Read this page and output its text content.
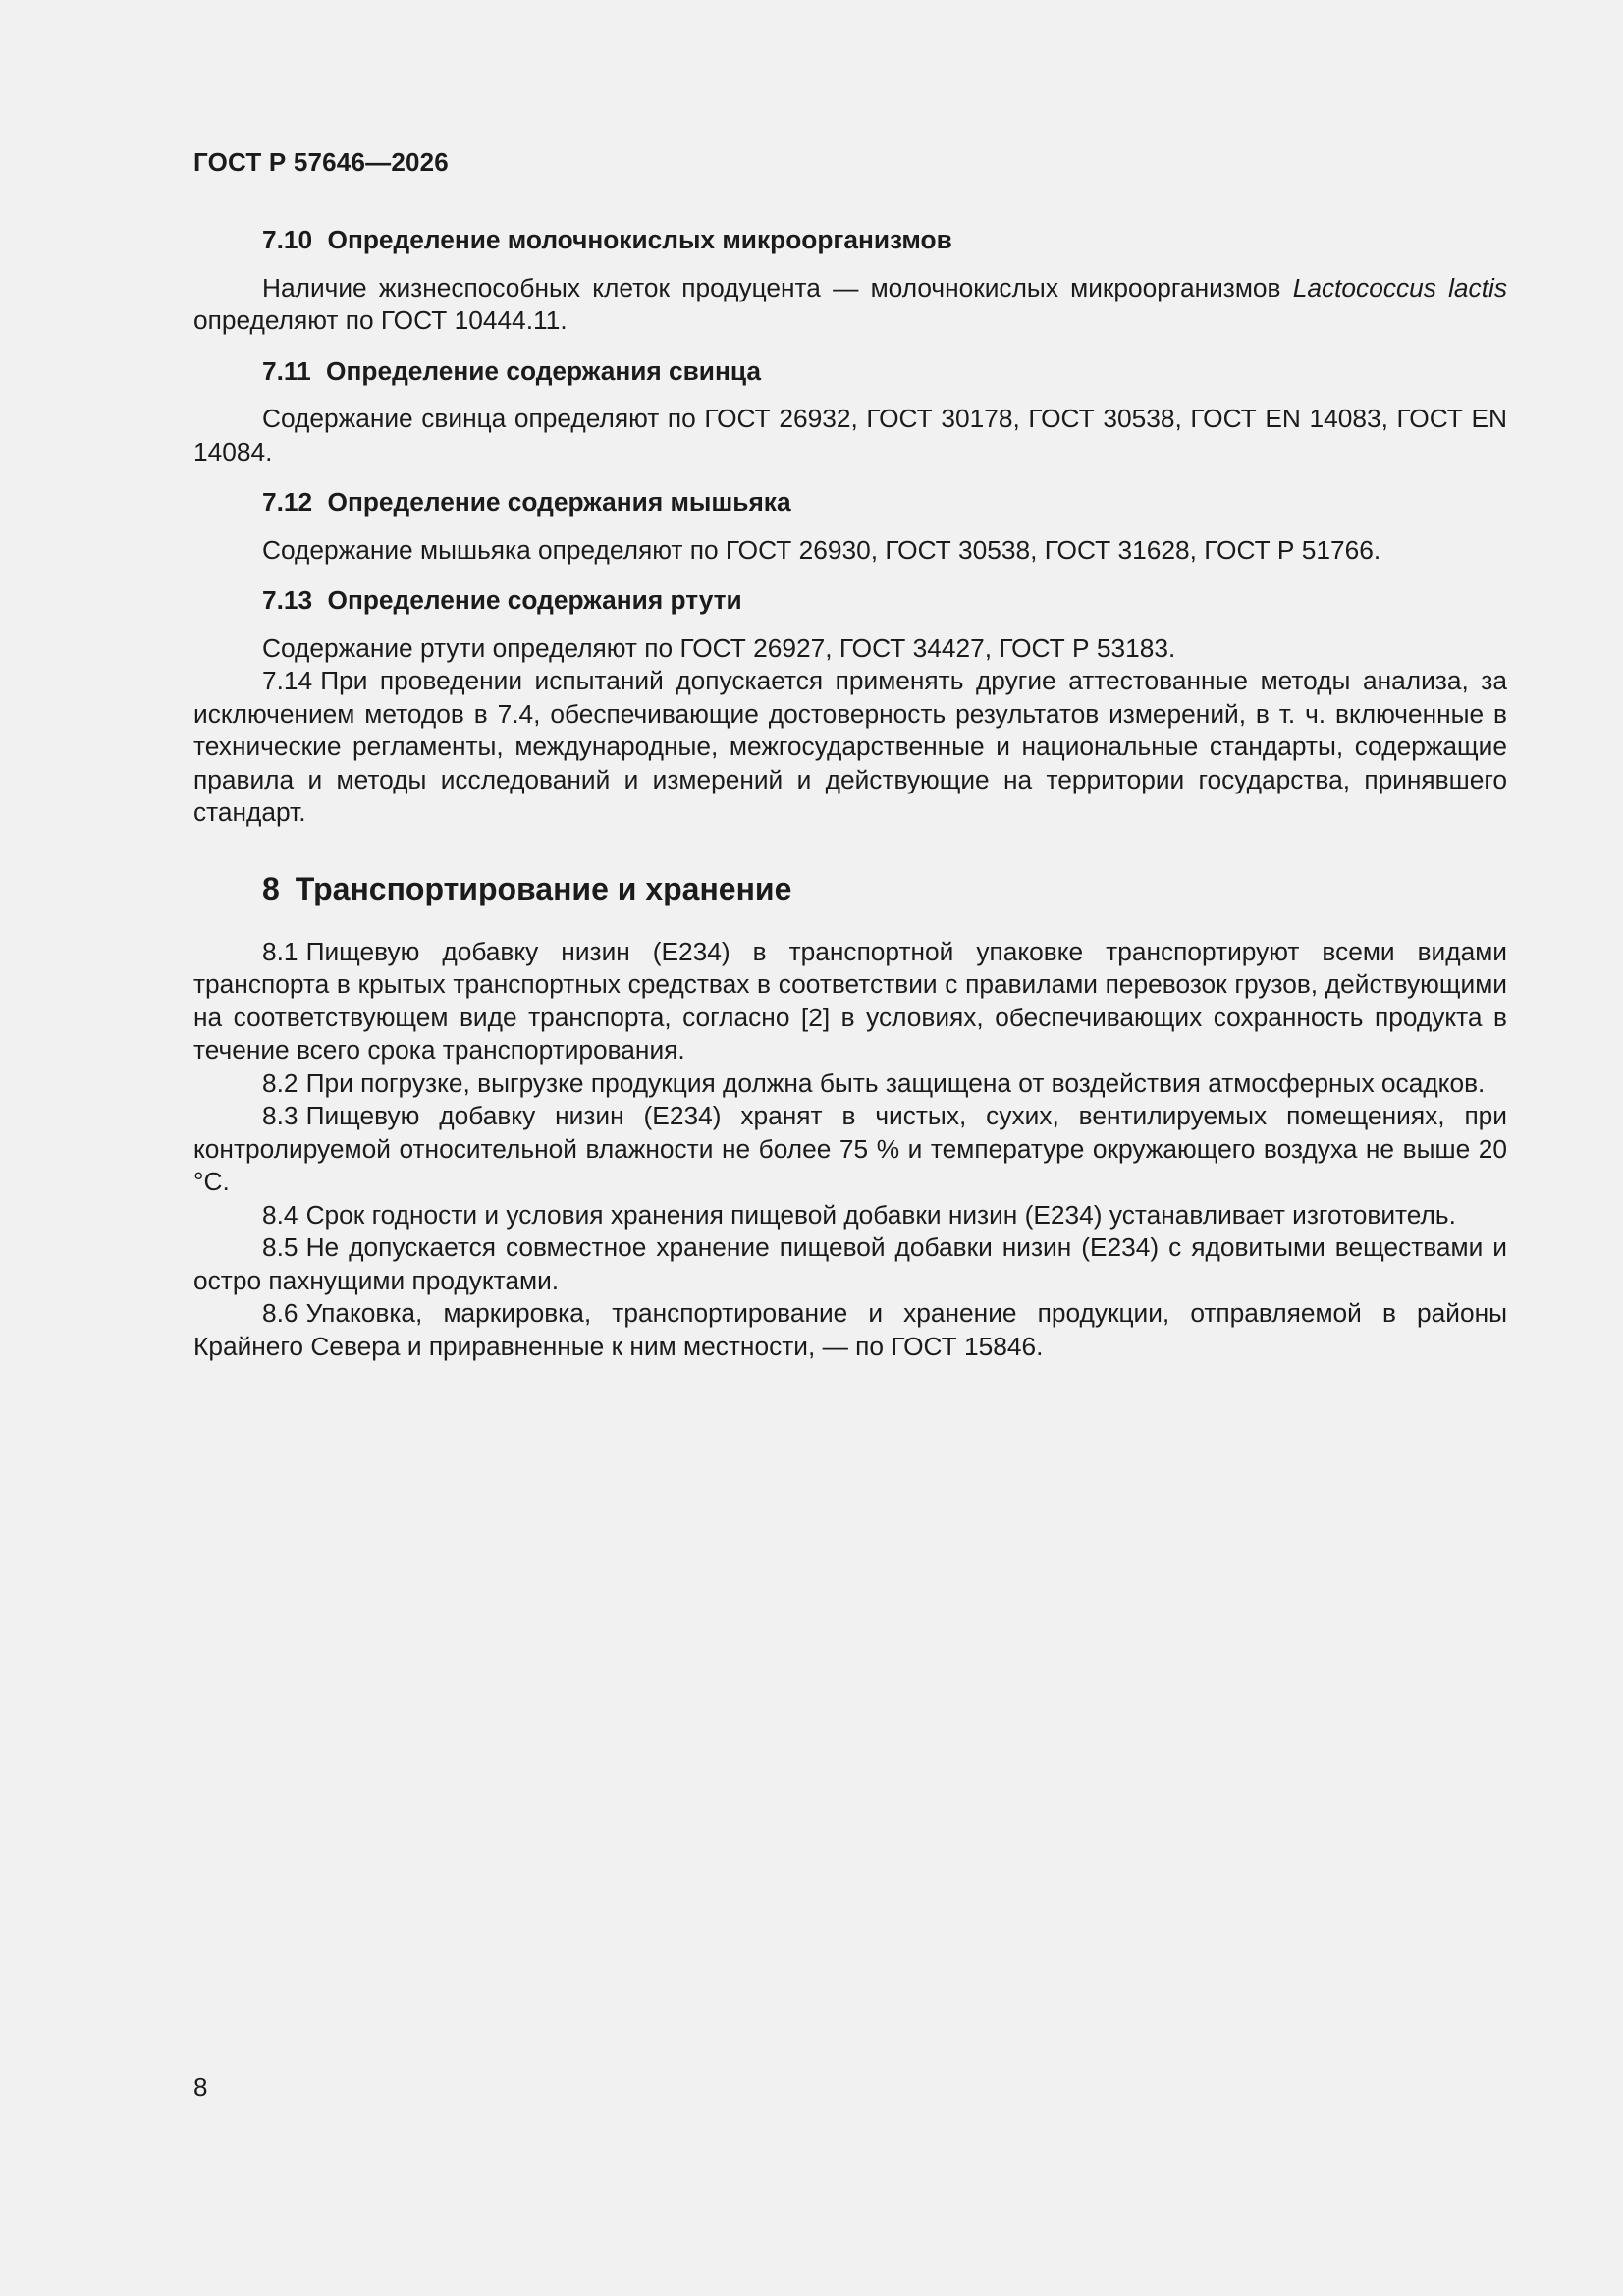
ГОСТ Р 57646—2026

7.10 Определение молочнокислых микроорганизмов

Наличие жизнеспособных клеток продуцента — молочнокислых микроорганизмов Lactococcus lactis определяют по ГОСТ 10444.11.

7.11 Определение содержания свинца

Содержание свинца определяют по ГОСТ 26932, ГОСТ 30178, ГОСТ 30538, ГОСТ EN 14083, ГОСТ EN 14084.

7.12 Определение содержания мышьяка

Содержание мышьяка определяют по ГОСТ 26930, ГОСТ 30538, ГОСТ 31628, ГОСТ Р 51766.

7.13 Определение содержания ртути

Содержание ртути определяют по ГОСТ 26927, ГОСТ 34427, ГОСТ Р 53183.

7.14 При проведении испытаний допускается применять другие аттестованные методы анализа, за исключением методов в 7.4, обеспечивающие достоверность результатов измерений, в т. ч. включенные в технические регламенты, международные, межгосударственные и национальные стандарты, содержащие правила и методы исследований и измерений и действующие на территории государства, принявшего стандарт.

8 Транспортирование и хранение

8.1 Пищевую добавку низин (Е234) в транспортной упаковке транспортируют всеми видами транспорта в крытых транспортных средствах в соответствии с правилами перевозок грузов, действующими на соответствующем виде транспорта, согласно [2] в условиях, обеспечивающих сохранность продукта в течение всего срока транспортирования.

8.2 При погрузке, выгрузке продукция должна быть защищена от воздействия атмосферных осадков.

8.3 Пищевую добавку низин (Е234) хранят в чистых, сухих, вентилируемых помещениях, при контролируемой относительной влажности не более 75 % и температуре окружающего воздуха не выше 20 °C.

8.4 Срок годности и условия хранения пищевой добавки низин (Е234) устанавливает изготовитель.

8.5 Не допускается совместное хранение пищевой добавки низин (Е234) с ядовитыми веществами и остро пахнущими продуктами.

8.6 Упаковка, маркировка, транспортирование и хранение продукции, отправляемой в районы Крайнего Севера и приравненные к ним местности, — по ГОСТ 15846.

8
